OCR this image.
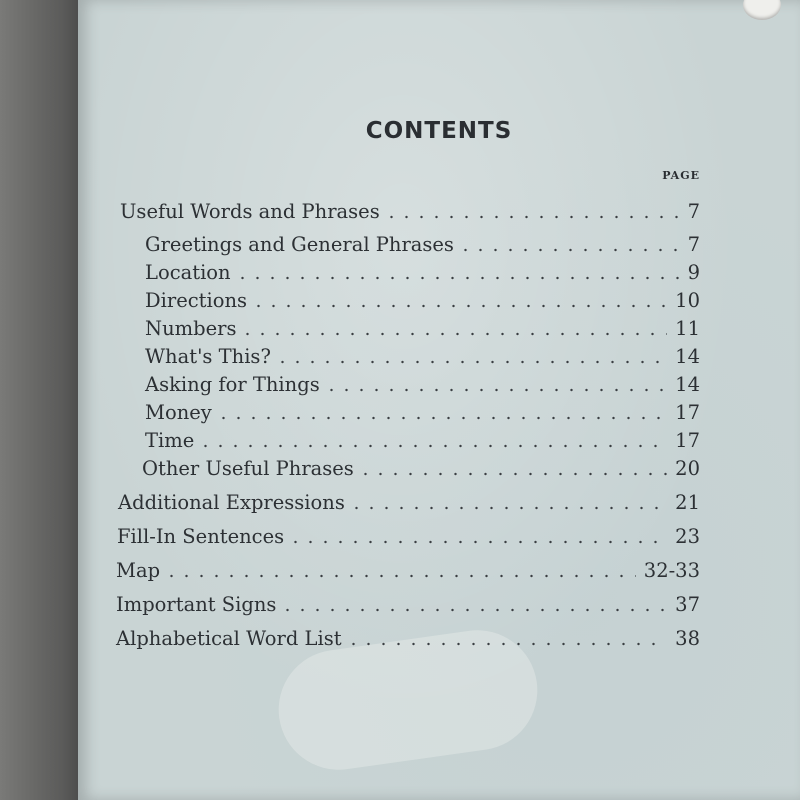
CONTENTS
PAGE
Useful Words and Phrases	7
Greetings and General Phrases	7
Location	9
Directions	10
Numbers	11
What's This?	14
Asking for Things	14
Money	17
Time	17
Other Useful Phrases	20
Additional Expressions	21
Fill-In Sentences	23
Map	32-33
Important Signs	37
Alphabetical Word List	38
